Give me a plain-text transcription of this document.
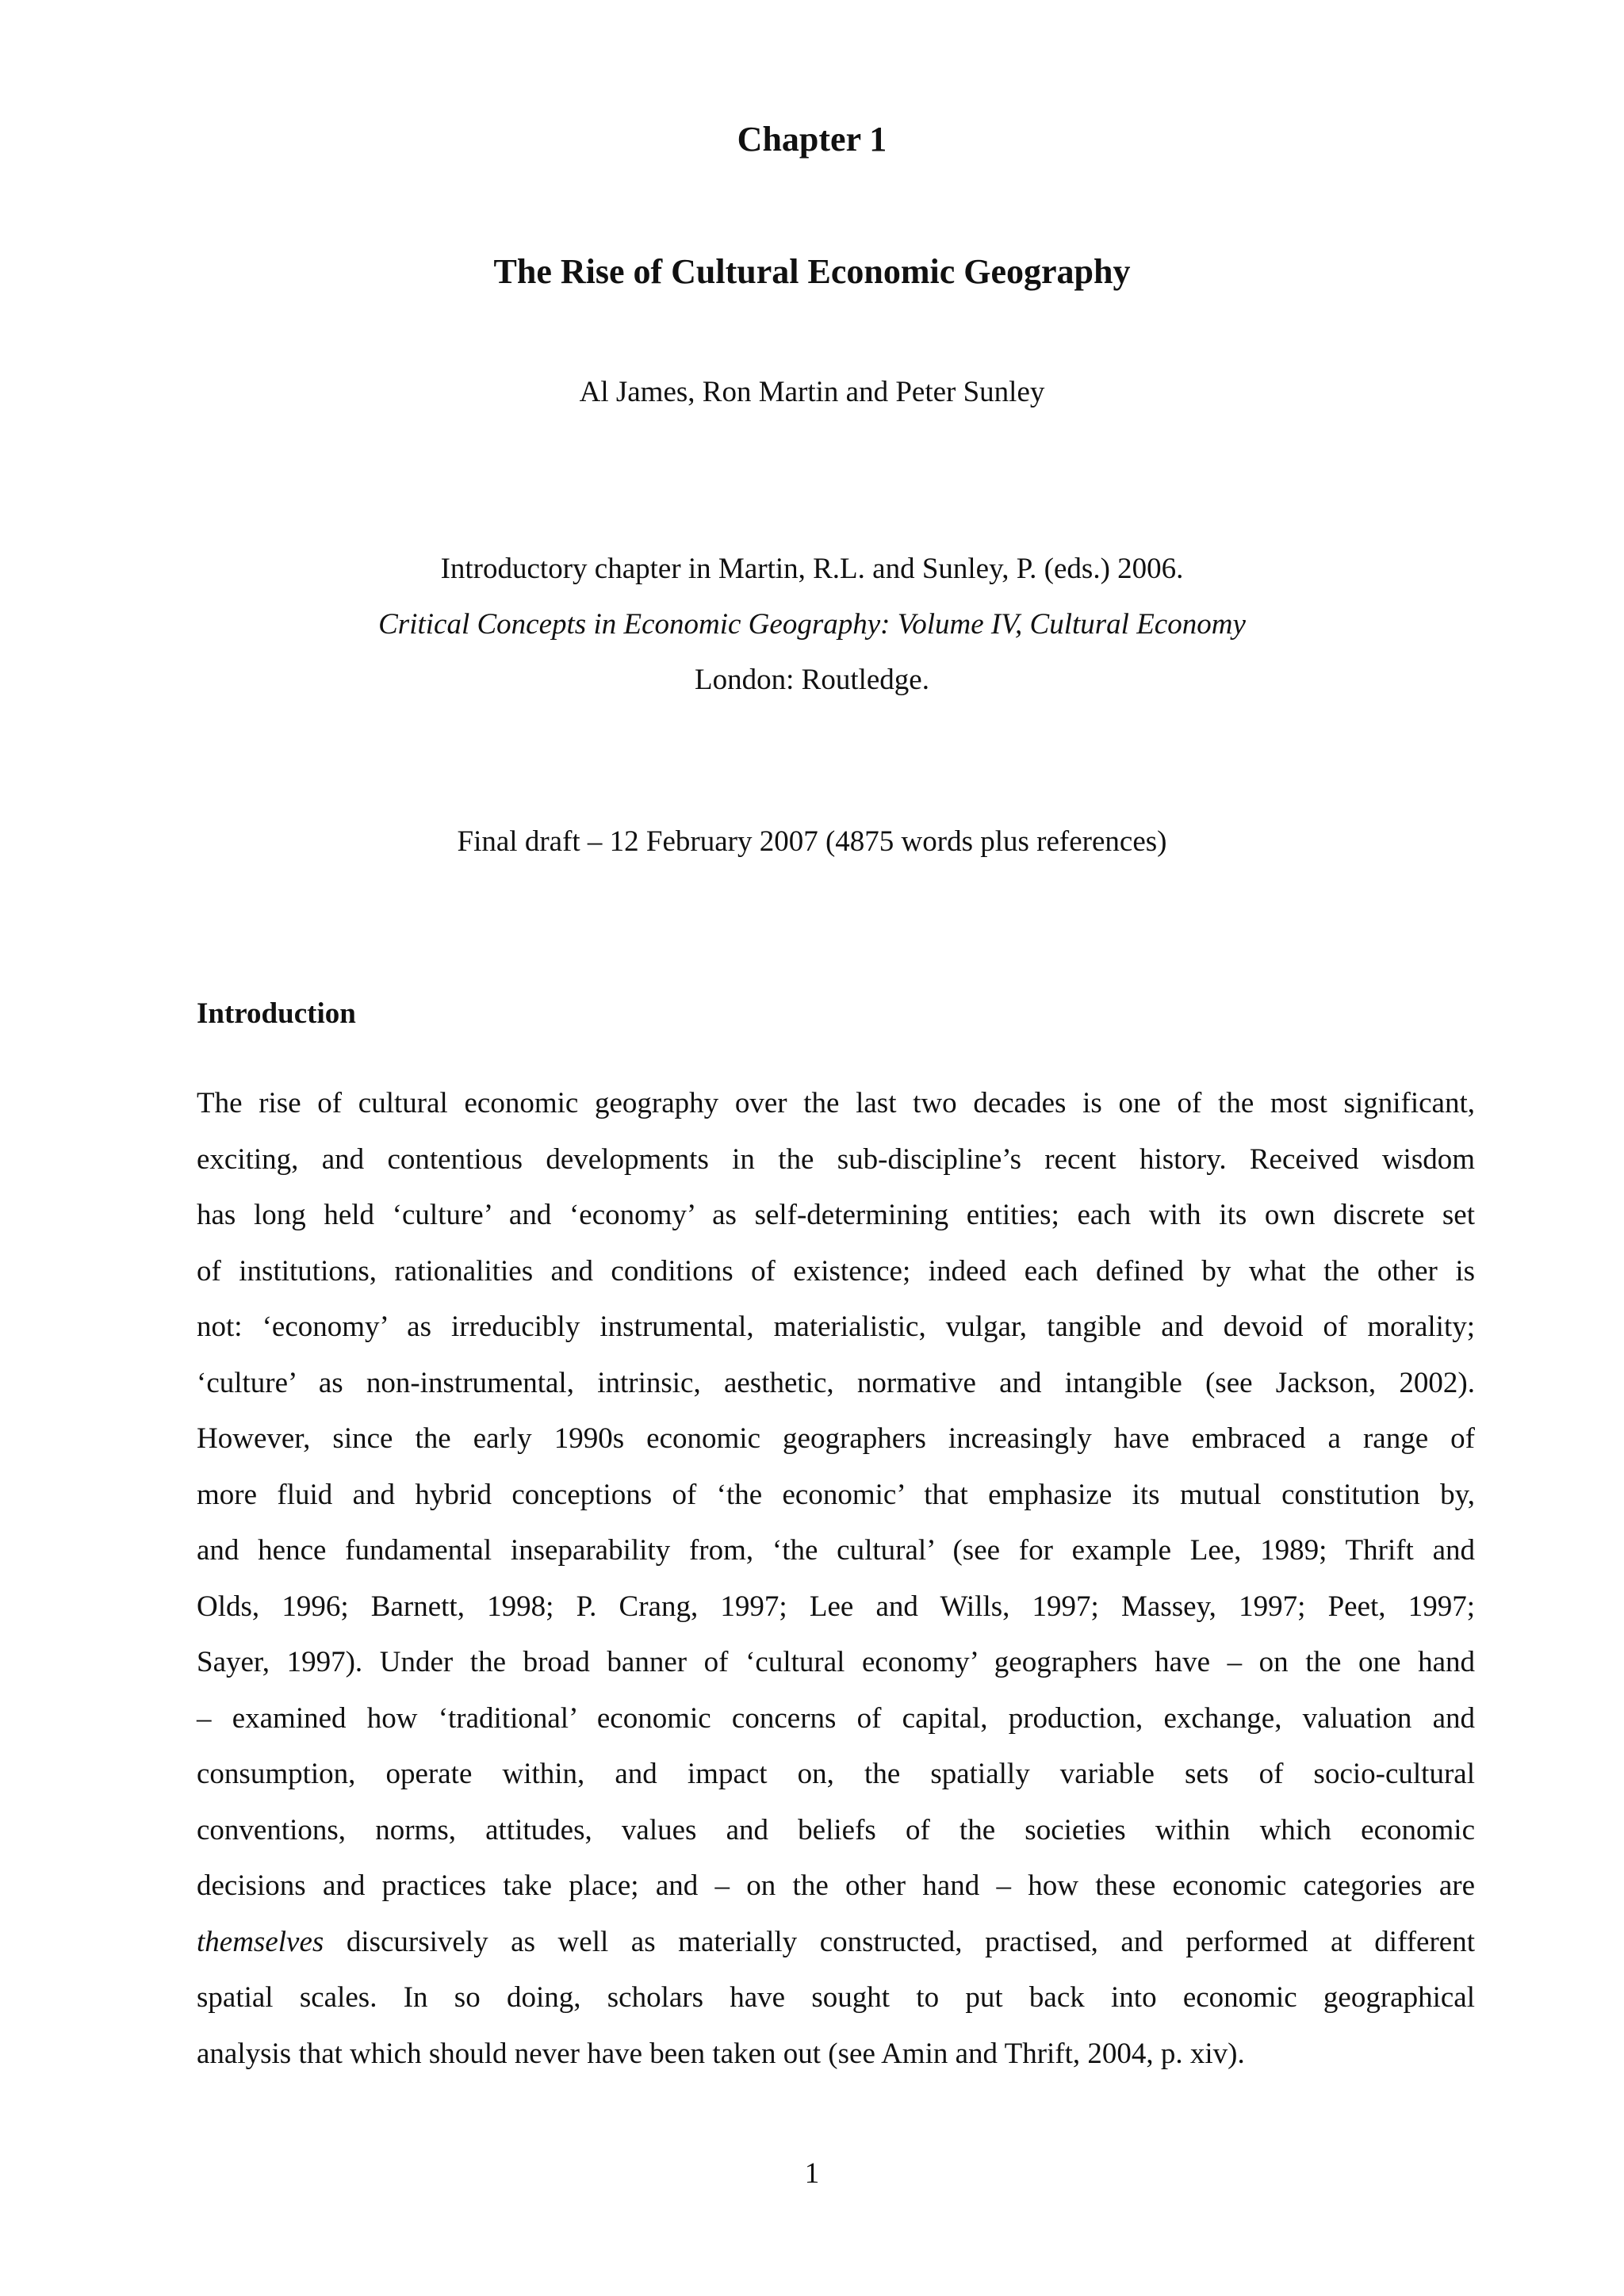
Chapter 1
The Rise of Cultural Economic Geography
Al James, Ron Martin and Peter Sunley
Introductory chapter in Martin, R.L. and Sunley, P. (eds.) 2006.
Critical Concepts in Economic Geography: Volume IV, Cultural Economy
London: Routledge.
Final draft – 12 February 2007 (4875 words plus references)
Introduction
The rise of cultural economic geography over the last two decades is one of the most significant,
exciting, and contentious developments in the sub-discipline’s recent history. Received wisdom
has long held ‘culture’ and ‘economy’ as self-determining entities; each with its own discrete set
of institutions, rationalities and conditions of existence; indeed each defined by what the other is
not: ‘economy’ as irreducibly instrumental, materialistic, vulgar, tangible and devoid of morality;
‘culture’ as non-instrumental, intrinsic, aesthetic, normative and intangible (see Jackson, 2002).
However, since the early 1990s economic geographers increasingly have embraced a range of
more fluid and hybrid conceptions of ‘the economic’ that emphasize its mutual constitution by,
and hence fundamental inseparability from, ‘the cultural’ (see for example Lee, 1989; Thrift and
Olds, 1996; Barnett, 1998; P. Crang, 1997; Lee and Wills, 1997; Massey, 1997; Peet, 1997;
Sayer, 1997). Under the broad banner of ‘cultural economy’ geographers have – on the one hand
– examined how ‘traditional’ economic concerns of capital, production, exchange, valuation and
consumption, operate within, and impact on, the spatially variable sets of socio-cultural
conventions, norms, attitudes, values and beliefs of the societies within which economic
decisions and practices take place; and – on the other hand – how these economic categories are
themselves discursively as well as materially constructed, practised, and performed at different
spatial scales. In so doing, scholars have sought to put back into economic geographical
analysis that which should never have been taken out (see Amin and Thrift, 2004, p. xiv).
1
